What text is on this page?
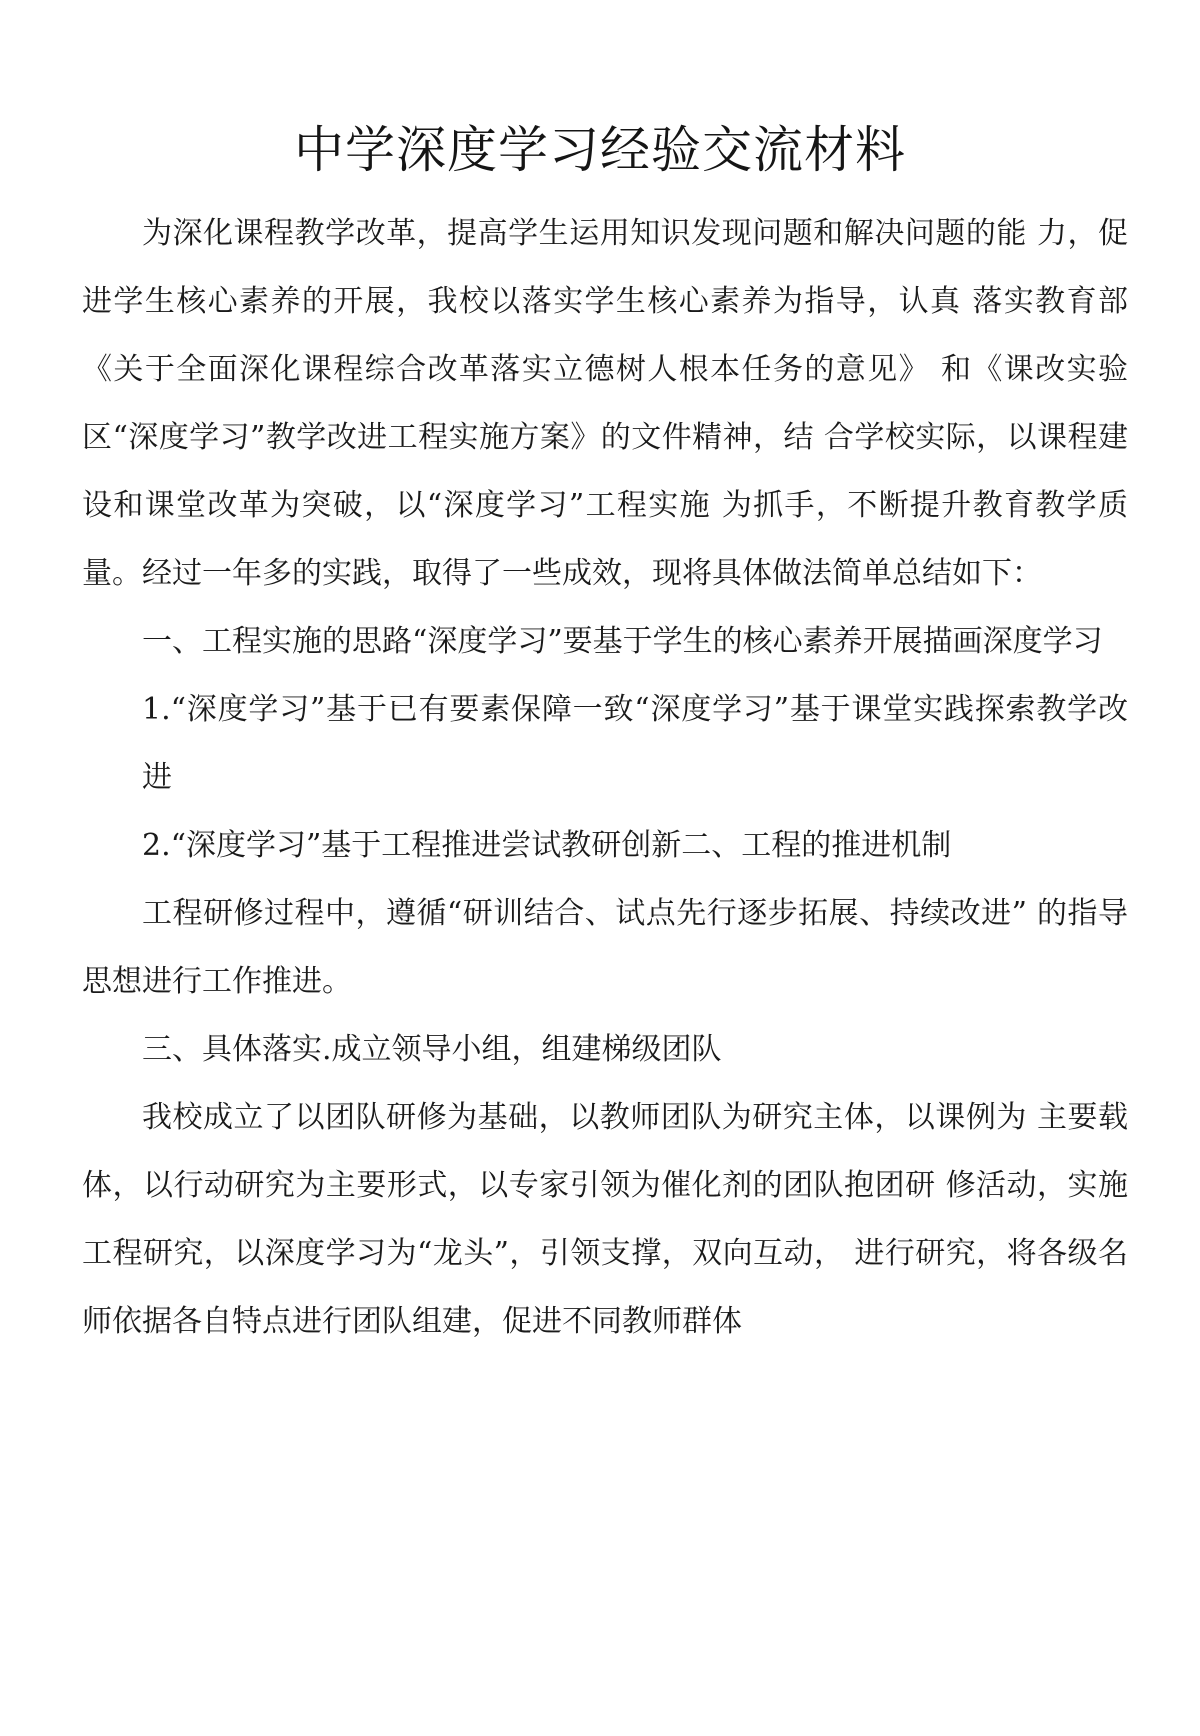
中学深度学习经验交流材料

为深化课程教学改革，提高学生运用知识发现问题和解决问题的能 力，促进学生核心素养的开展，我校以落实学生核心素养为指导，认真 落实教育部《关于全面深化课程综合改革落实立德树人根本任务的意见》 和《课改实验区“深度学习”教学改进工程实施方案》的文件精神，结 合学校实际，以课程建设和课堂改革为突破，以“深度学习”工程实施 为抓手，不断提升教育教学质量。经过一年多的实践，取得了一些成效，现将具体做法简单总结如下：

一、工程实施的思路“深度学习”要基于学生的核心素养开展描画深度学习

1.“深度学习”基于已有要素保障一致“深度学习”基于课堂实践探索教学改进

2.“深度学习”基于工程推进尝试教研创新二、工程的推进机制

工程研修过程中，遵循“研训结合、试点先行逐步拓展、持续改进” 的指导思想进行工作推进。

三、具体落实.成立领导小组，组建梯级团队

我校成立了以团队研修为基础，以教师团队为研究主体，以课例为 主要载体，以行动研究为主要形式，以专家引领为催化剂的团队抱团研 修活动，实施工程研究，以深度学习为“龙头”，引领支撑，双向互动， 进行研究，将各级名师依据各自特点进行团队组建，促进不同教师群体
